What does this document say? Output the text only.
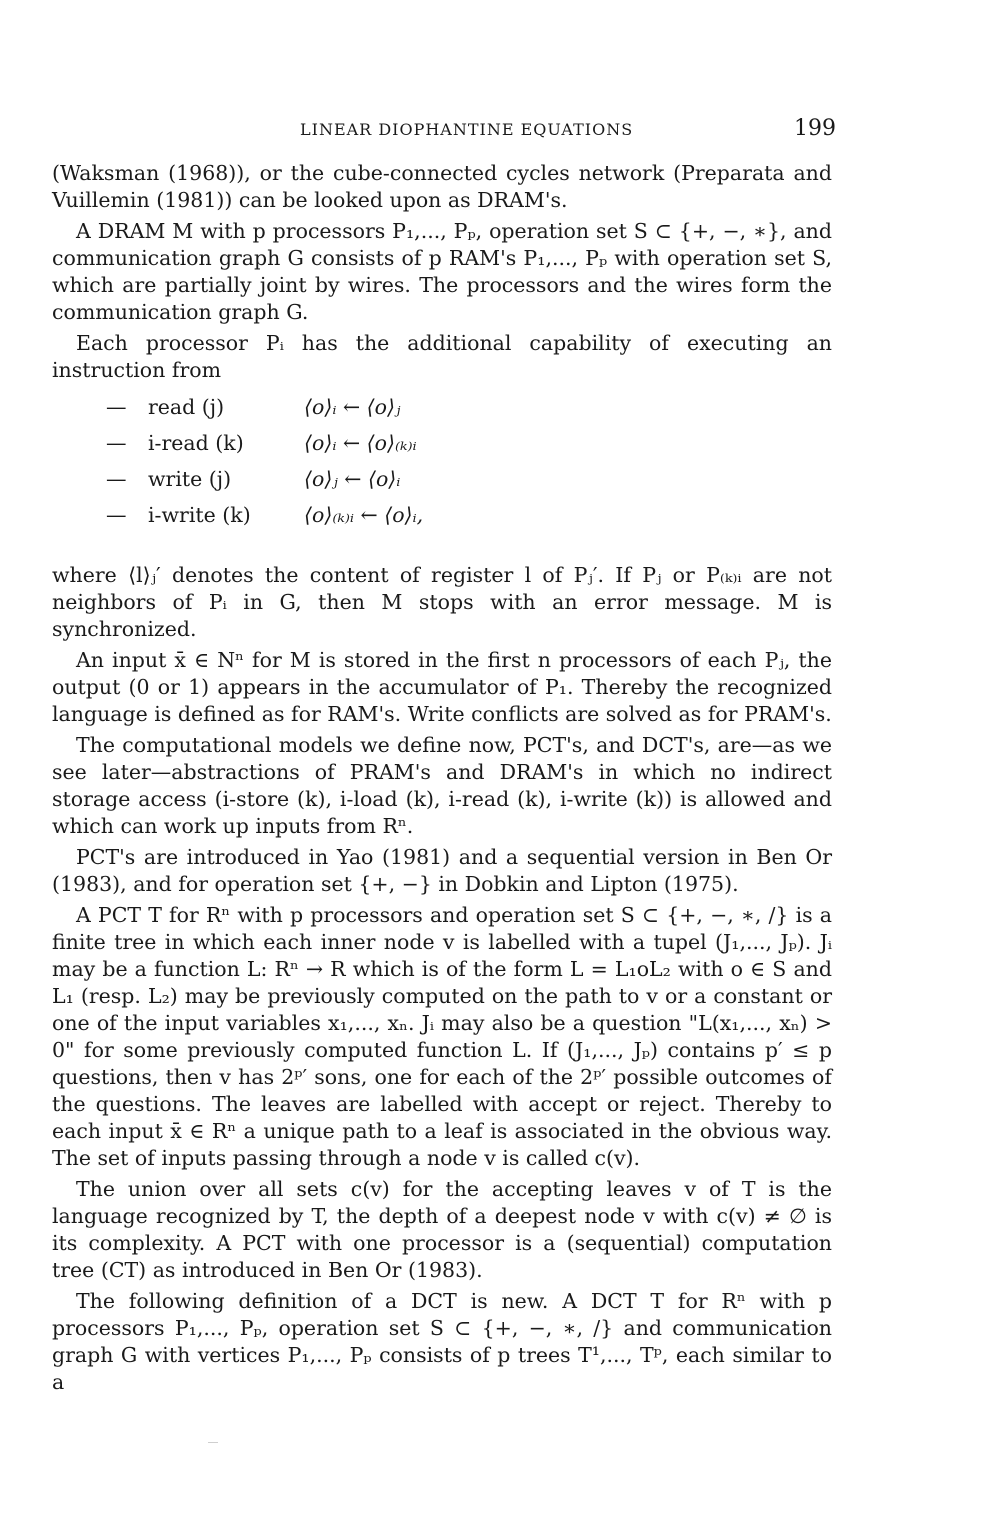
LINEAR DIOPHANTINE EQUATIONS	199

(Waksman (1968)), or the cube-connected cycles network (Preparata and Vuillemin (1981)) can be looked upon as DRAM's.

A DRAM M with p processors P₁,..., Pₚ, operation set S ⊂ {+, −, ∗}, and communication graph G consists of p RAM's P₁,..., Pₚ with operation set S, which are partially joint by wires. The processors and the wires form the communication graph G.

Each processor Pᵢ has the additional capability of executing an instruction from

—	read (j)	⟨o⟩ᵢ ← ⟨o⟩ⱼ
—	i-read (k)	⟨o⟩ᵢ ← ⟨o⟩₍ₖ₎ᵢ
—	write (j)	⟨o⟩ⱼ ← ⟨o⟩ᵢ
—	i-write (k)	⟨o⟩₍ₖ₎ᵢ ← ⟨o⟩ᵢ,

where ⟨l⟩ⱼ′ denotes the content of register l of Pⱼ′. If Pⱼ or P₍ₖ₎ᵢ are not neighbors of Pᵢ in G, then M stops with an error message. M is synchronized.

An input x̄ ∈ Nⁿ for M is stored in the first n processors of each Pⱼ, the output (0 or 1) appears in the accumulator of P₁. Thereby the recognized language is defined as for RAM's. Write conflicts are solved as for PRAM's.

The computational models we define now, PCT's, and DCT's, are—as we see later—abstractions of PRAM's and DRAM's in which no indirect storage access (i-store (k), i-load (k), i-read (k), i-write (k)) is allowed and which can work up inputs from Rⁿ.

PCT's are introduced in Yao (1981) and a sequential version in Ben Or (1983), and for operation set {+, −} in Dobkin and Lipton (1975).

A PCT T for Rⁿ with p processors and operation set S ⊂ {+, −, ∗, /} is a finite tree in which each inner node v is labelled with a tupel (J₁,..., Jₚ). Jᵢ may be a function L: Rⁿ → R which is of the form L = L₁oL₂ with o ∈ S and L₁ (resp. L₂) may be previously computed on the path to v or a constant or one of the input variables x₁,..., xₙ. Jᵢ may also be a question "L(x₁,..., xₙ) > 0" for some previously computed function L. If (J₁,..., Jₚ) contains p′ ≤ p questions, then v has 2ᵖ′ sons, one for each of the 2ᵖ′ possible outcomes of the questions. The leaves are labelled with accept or reject. Thereby to each input x̄ ∈ Rⁿ a unique path to a leaf is associated in the obvious way. The set of inputs passing through a node v is called c(v).

The union over all sets c(v) for the accepting leaves v of T is the language recognized by T, the depth of a deepest node v with c(v) ≠ ∅ is its complexity. A PCT with one processor is a (sequential) computation tree (CT) as introduced in Ben Or (1983).

The following definition of a DCT is new. A DCT T for Rⁿ with p processors P₁,..., Pₚ, operation set S ⊂ {+, −, ∗, /} and communication graph G with vertices P₁,..., Pₚ consists of p trees T¹,..., Tᵖ, each similar to a
